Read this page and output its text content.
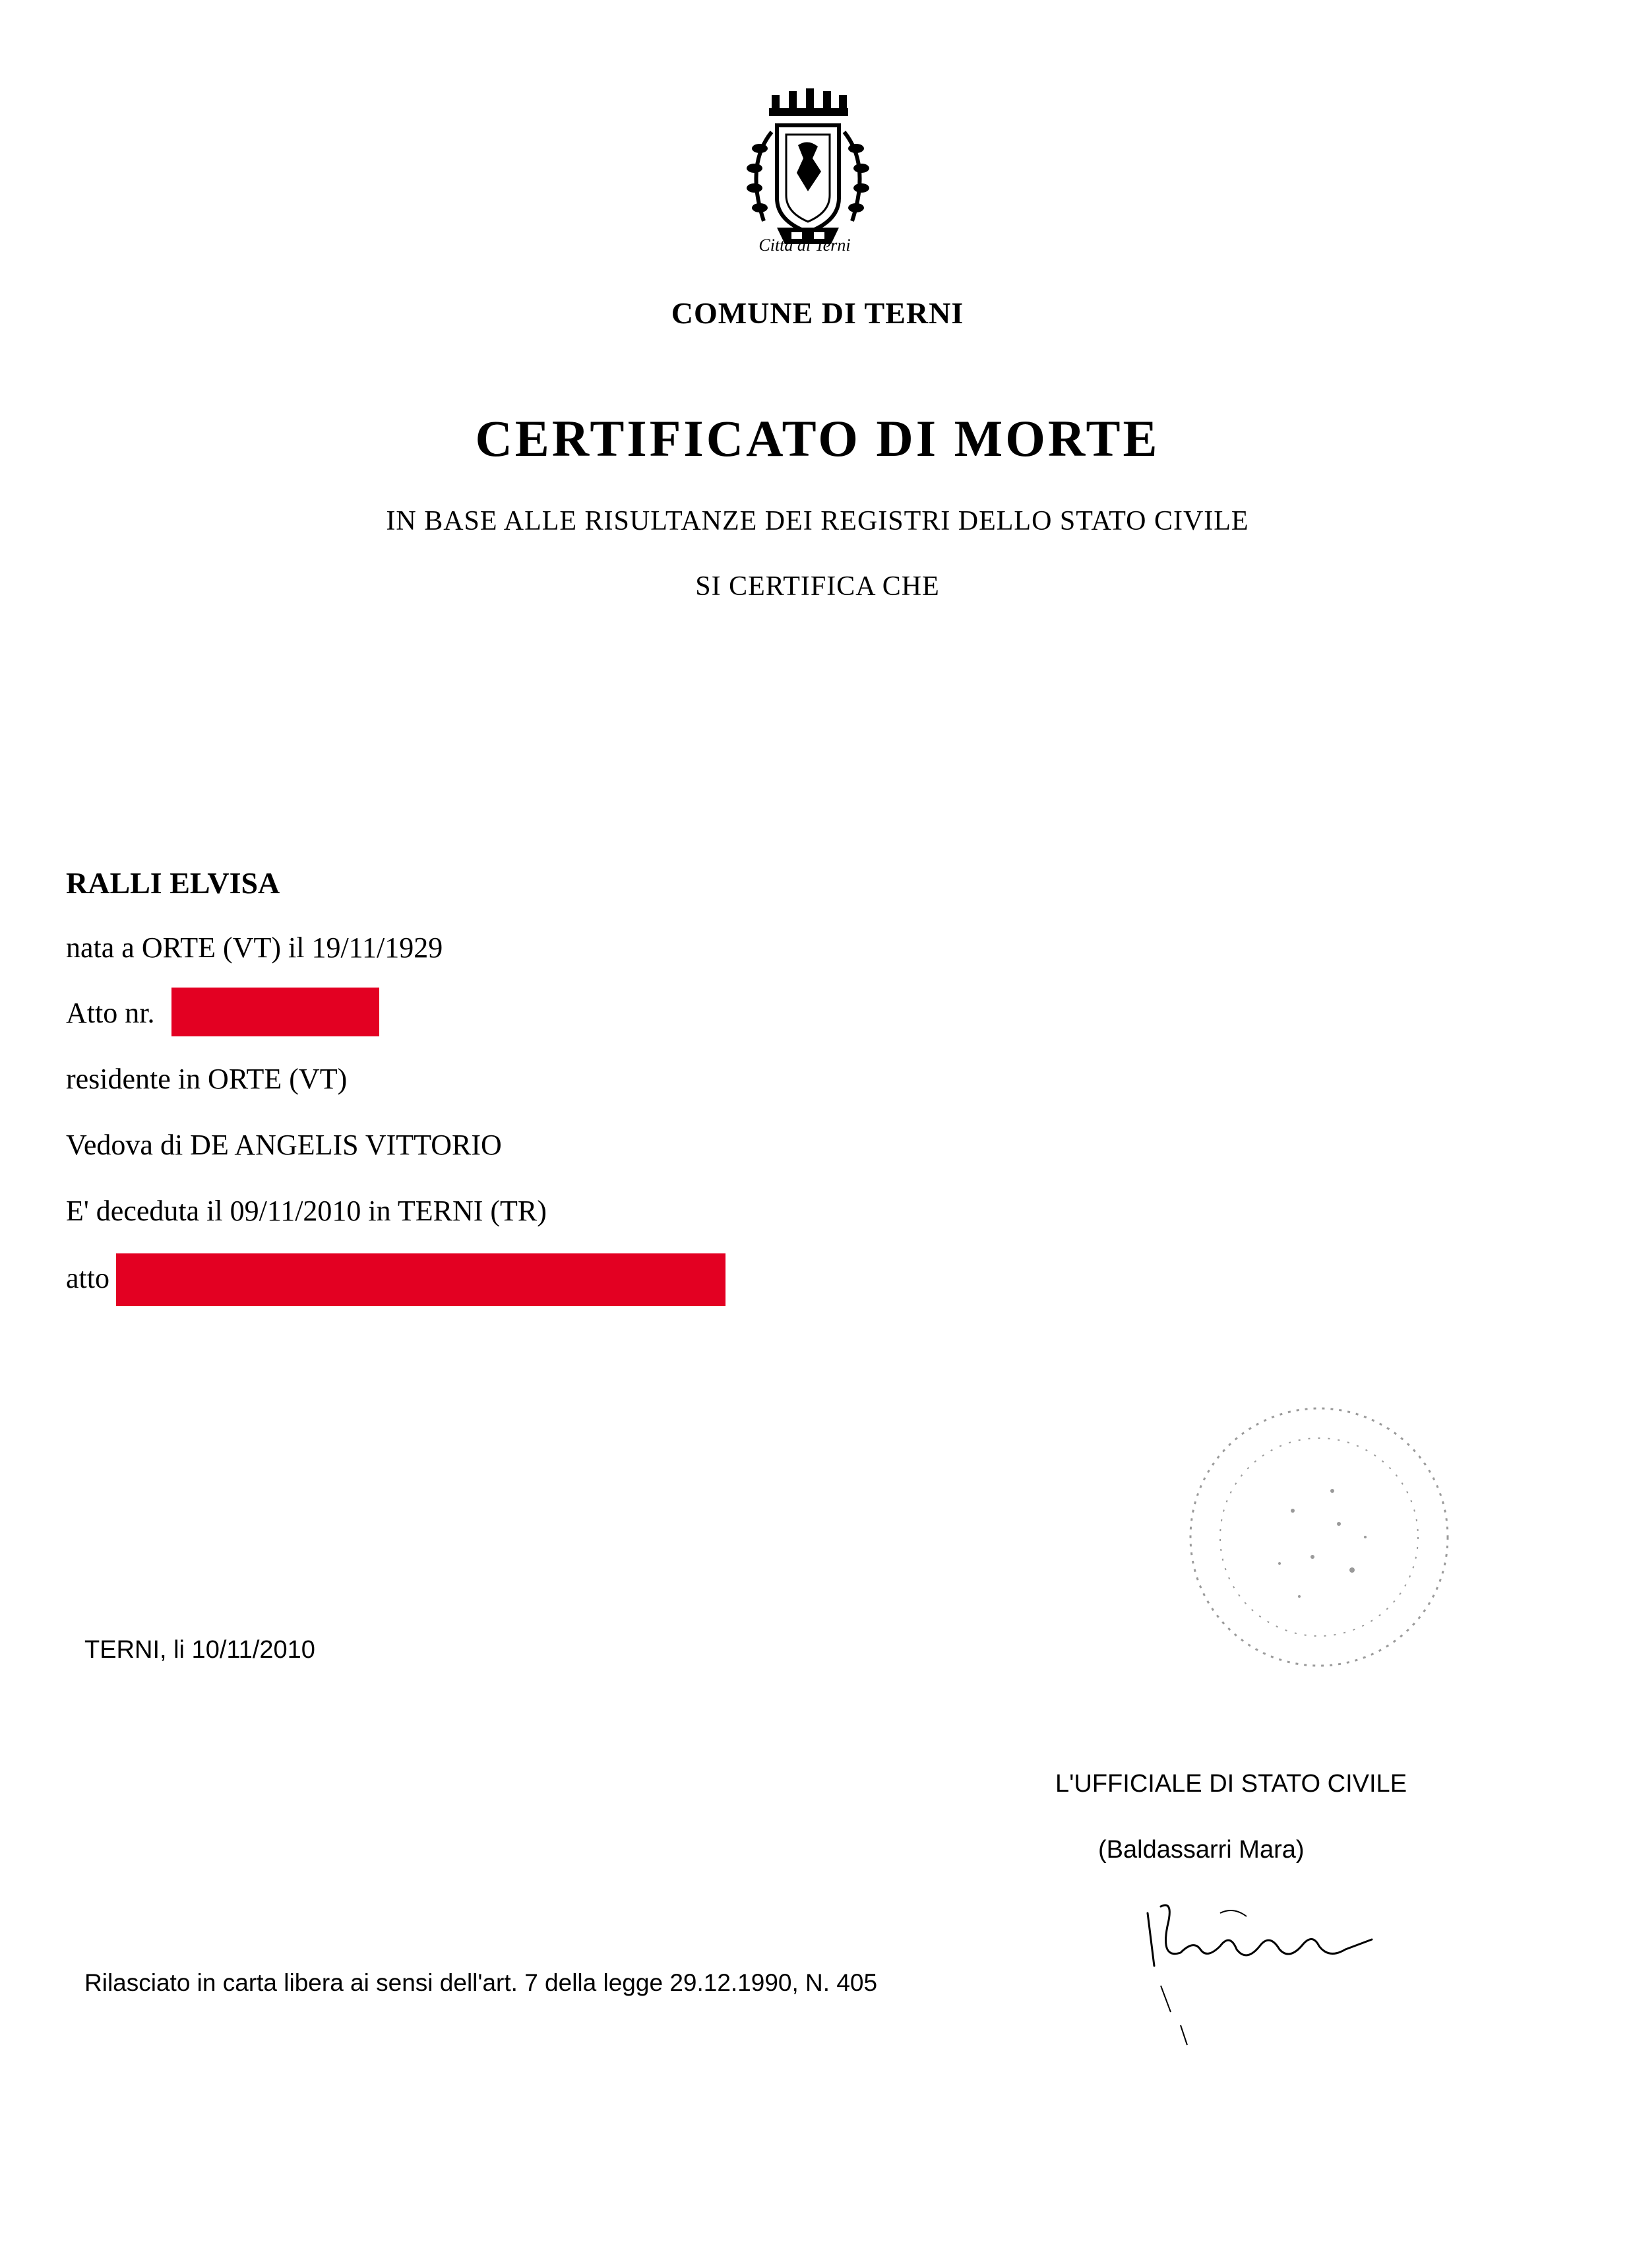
Città di Terni
COMUNE DI TERNI
CERTIFICATO DI MORTE
IN BASE ALLE RISULTANZE DEI REGISTRI DELLO STATO CIVILE
SI CERTIFICA CHE
RALLI ELVISA
nata a ORTE (VT) il 19/11/1929
Atto nr.
residente in ORTE (VT)
Vedova di DE ANGELIS VITTORIO
E' deceduta il 09/11/2010 in TERNI (TR)
atto
TERNI, li 10/11/2010
L'UFFICIALE DI STATO CIVILE
(Baldassarri Mara)
Rilasciato in carta libera ai sensi dell'art. 7 della legge 29.12.1990, N. 405
